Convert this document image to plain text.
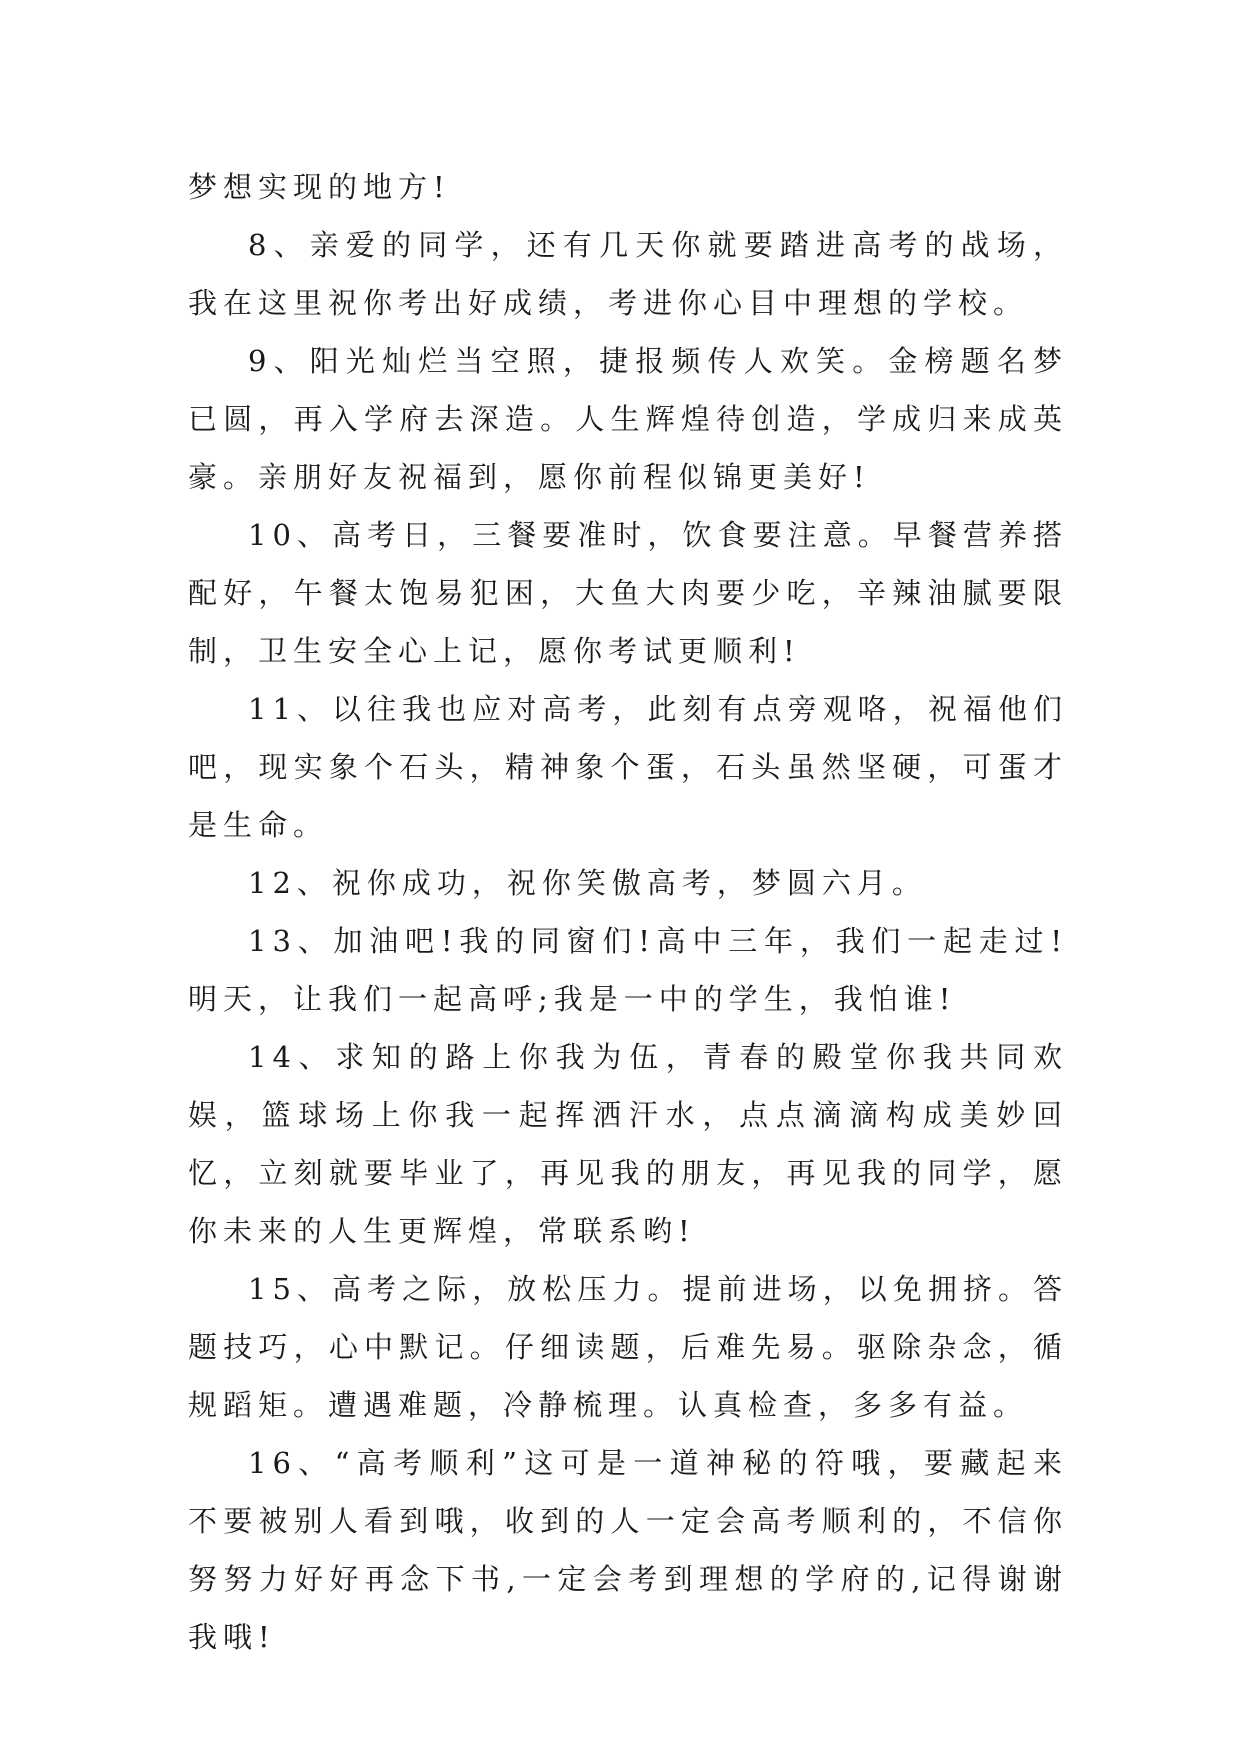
梦想实现的地方!

8、亲爱的同学，还有几天你就要踏进高考的战场，我在这里祝你考出好成绩，考进你心目中理想的学校。

9、阳光灿烂当空照，捷报频传人欢笑。金榜题名梦已圆，再入学府去深造。人生辉煌待创造，学成归来成英豪。亲朋好友祝福到，愿你前程似锦更美好!

10、高考日，三餐要准时，饮食要注意。早餐营养搭配好，午餐太饱易犯困，大鱼大肉要少吃，辛辣油腻要限制，卫生安全心上记，愿你考试更顺利!

11、以往我也应对高考，此刻有点旁观咯，祝福他们吧，现实象个石头，精神象个蛋，石头虽然坚硬，可蛋才是生命。

12、祝你成功，祝你笑傲高考，梦圆六月。

13、加油吧!我的同窗们!高中三年，我们一起走过!明天，让我们一起高呼;我是一中的学生，我怕谁!

14、求知的路上你我为伍，青春的殿堂你我共同欢娱，篮球场上你我一起挥洒汗水，点点滴滴构成美妙回忆，立刻就要毕业了，再见我的朋友，再见我的同学，愿你未来的人生更辉煌，常联系哟!

15、高考之际，放松压力。提前进场，以免拥挤。答题技巧，心中默记。仔细读题，后难先易。驱除杂念，循规蹈矩。遭遇难题，冷静梳理。认真检查，多多有益。

16、“高考顺利”这可是一道神秘的符哦，要藏起来不要被别人看到哦，收到的人一定会高考顺利的，不信你努努力好好再念下书,一定会考到理想的学府的,记得谢谢我哦!
